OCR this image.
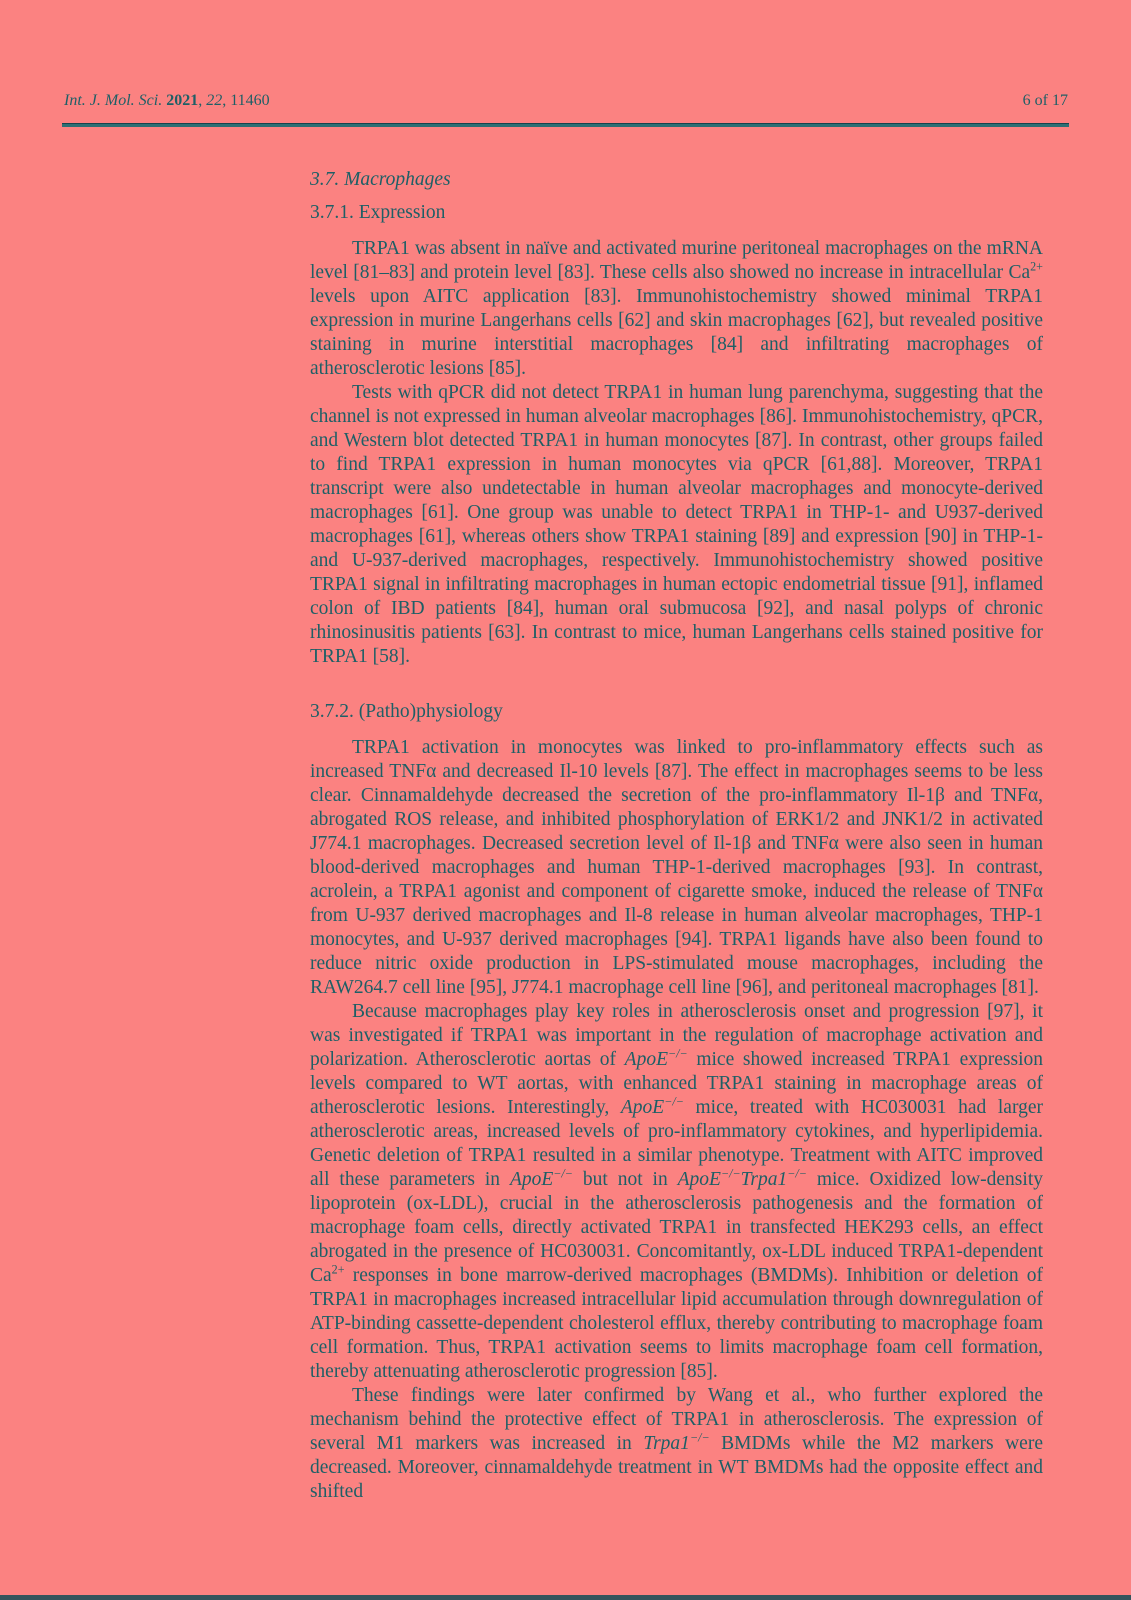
Int. J. Mol. Sci. 2021, 22, 11460	6 of 17
3.7. Macrophages
3.7.1. Expression

TRPA1 was absent in naïve and activated murine peritoneal macrophages on the mRNA level [81–83] and protein level [83]. These cells also showed no increase in intracellular $Ca^{2+}$ levels upon AITC application [83]. Immunohistochemistry showed minimal TRPA1 expression in murine Langerhans cells [62] and skin macrophages [62], but revealed positive staining in murine interstitial macrophages [84] and infiltrating macrophages of atherosclerotic lesions [85].

Tests with qPCR did not detect TRPA1 in human lung parenchyma, suggesting that the channel is not expressed in human alveolar macrophages [86]. Immunohistochemistry, qPCR, and Western blot detected TRPA1 in human monocytes [87]. In contrast, other groups failed to find TRPA1 expression in human monocytes via qPCR [61,88]. Moreover, TRPA1 transcript were also undetectable in human alveolar macrophages and monocyte-derived macrophages [61]. One group was unable to detect TRPA1 in THP-1- and U937-derived macrophages [61], whereas others show TRPA1 staining [89] and expression [90] in THP-1- and U-937-derived macrophages, respectively. Immunohistochemistry showed positive TRPA1 signal in infiltrating macrophages in human ectopic endometrial tissue [91], inflamed colon of IBD patients [84], human oral submucosa [92], and nasal polyps of chronic rhinosinusitis patients [63]. In contrast to mice, human Langerhans cells stained positive for TRPA1 [58].

3.7.2. (Patho)physiology

TRPA1 activation in monocytes was linked to pro-inflammatory effects such as increased TNFα and decreased Il-10 levels [87]. The effect in macrophages seems to be less clear. Cinnamaldehyde decreased the secretion of the pro-inflammatory Il-1β and TNFα, abrogated ROS release, and inhibited phosphorylation of ERK1/2 and JNK1/2 in activated J774.1 macrophages. Decreased secretion level of Il-1β and TNFα were also seen in human blood-derived macrophages and human THP-1-derived macrophages [93]. In contrast, acrolein, a TRPA1 agonist and component of cigarette smoke, induced the release of TNFα from U-937 derived macrophages and Il-8 release in human alveolar macrophages, THP-1 monocytes, and U-937 derived macrophages [94]. TRPA1 ligands have also been found to reduce nitric oxide production in LPS-stimulated mouse macrophages, including the RAW264.7 cell line [95], J774.1 macrophage cell line [96], and peritoneal macrophages [81].

Because macrophages play key roles in atherosclerosis onset and progression [97], it was investigated if TRPA1 was important in the regulation of macrophage activation and polarization. Atherosclerotic aortas of ApoE−/− mice showed increased TRPA1 expression levels compared to WT aortas, with enhanced TRPA1 staining in macrophage areas of atherosclerotic lesions. Interestingly, ApoE−/− mice, treated with HC030031 had larger atherosclerotic areas, increased levels of pro-inflammatory cytokines, and hyperlipidemia. Genetic deletion of TRPA1 resulted in a similar phenotype. Treatment with AITC improved all these parameters in ApoE−/− but not in ApoE−/−Trpa1−/− mice. Oxidized low-density lipoprotein (ox-LDL), crucial in the atherosclerosis pathogenesis and the formation of macrophage foam cells, directly activated TRPA1 in transfected HEK293 cells, an effect abrogated in the presence of HC030031. Concomitantly, ox-LDL induced TRPA1-dependent $Ca^{2+}$ responses in bone marrow-derived macrophages (BMDMs). Inhibition or deletion of TRPA1 in macrophages increased intracellular lipid accumulation through downregulation of ATP-binding cassette-dependent cholesterol efflux, thereby contributing to macrophage foam cell formation. Thus, TRPA1 activation seems to limits macrophage foam cell formation, thereby attenuating atherosclerotic progression [85].

These findings were later confirmed by Wang et al., who further explored the mechanism behind the protective effect of TRPA1 in atherosclerosis. The expression of several M1 markers was increased in Trpa1−/− BMDMs while the M2 markers were decreased. Moreover, cinnamaldehyde treatment in WT BMDMs had the opposite effect and shifted
